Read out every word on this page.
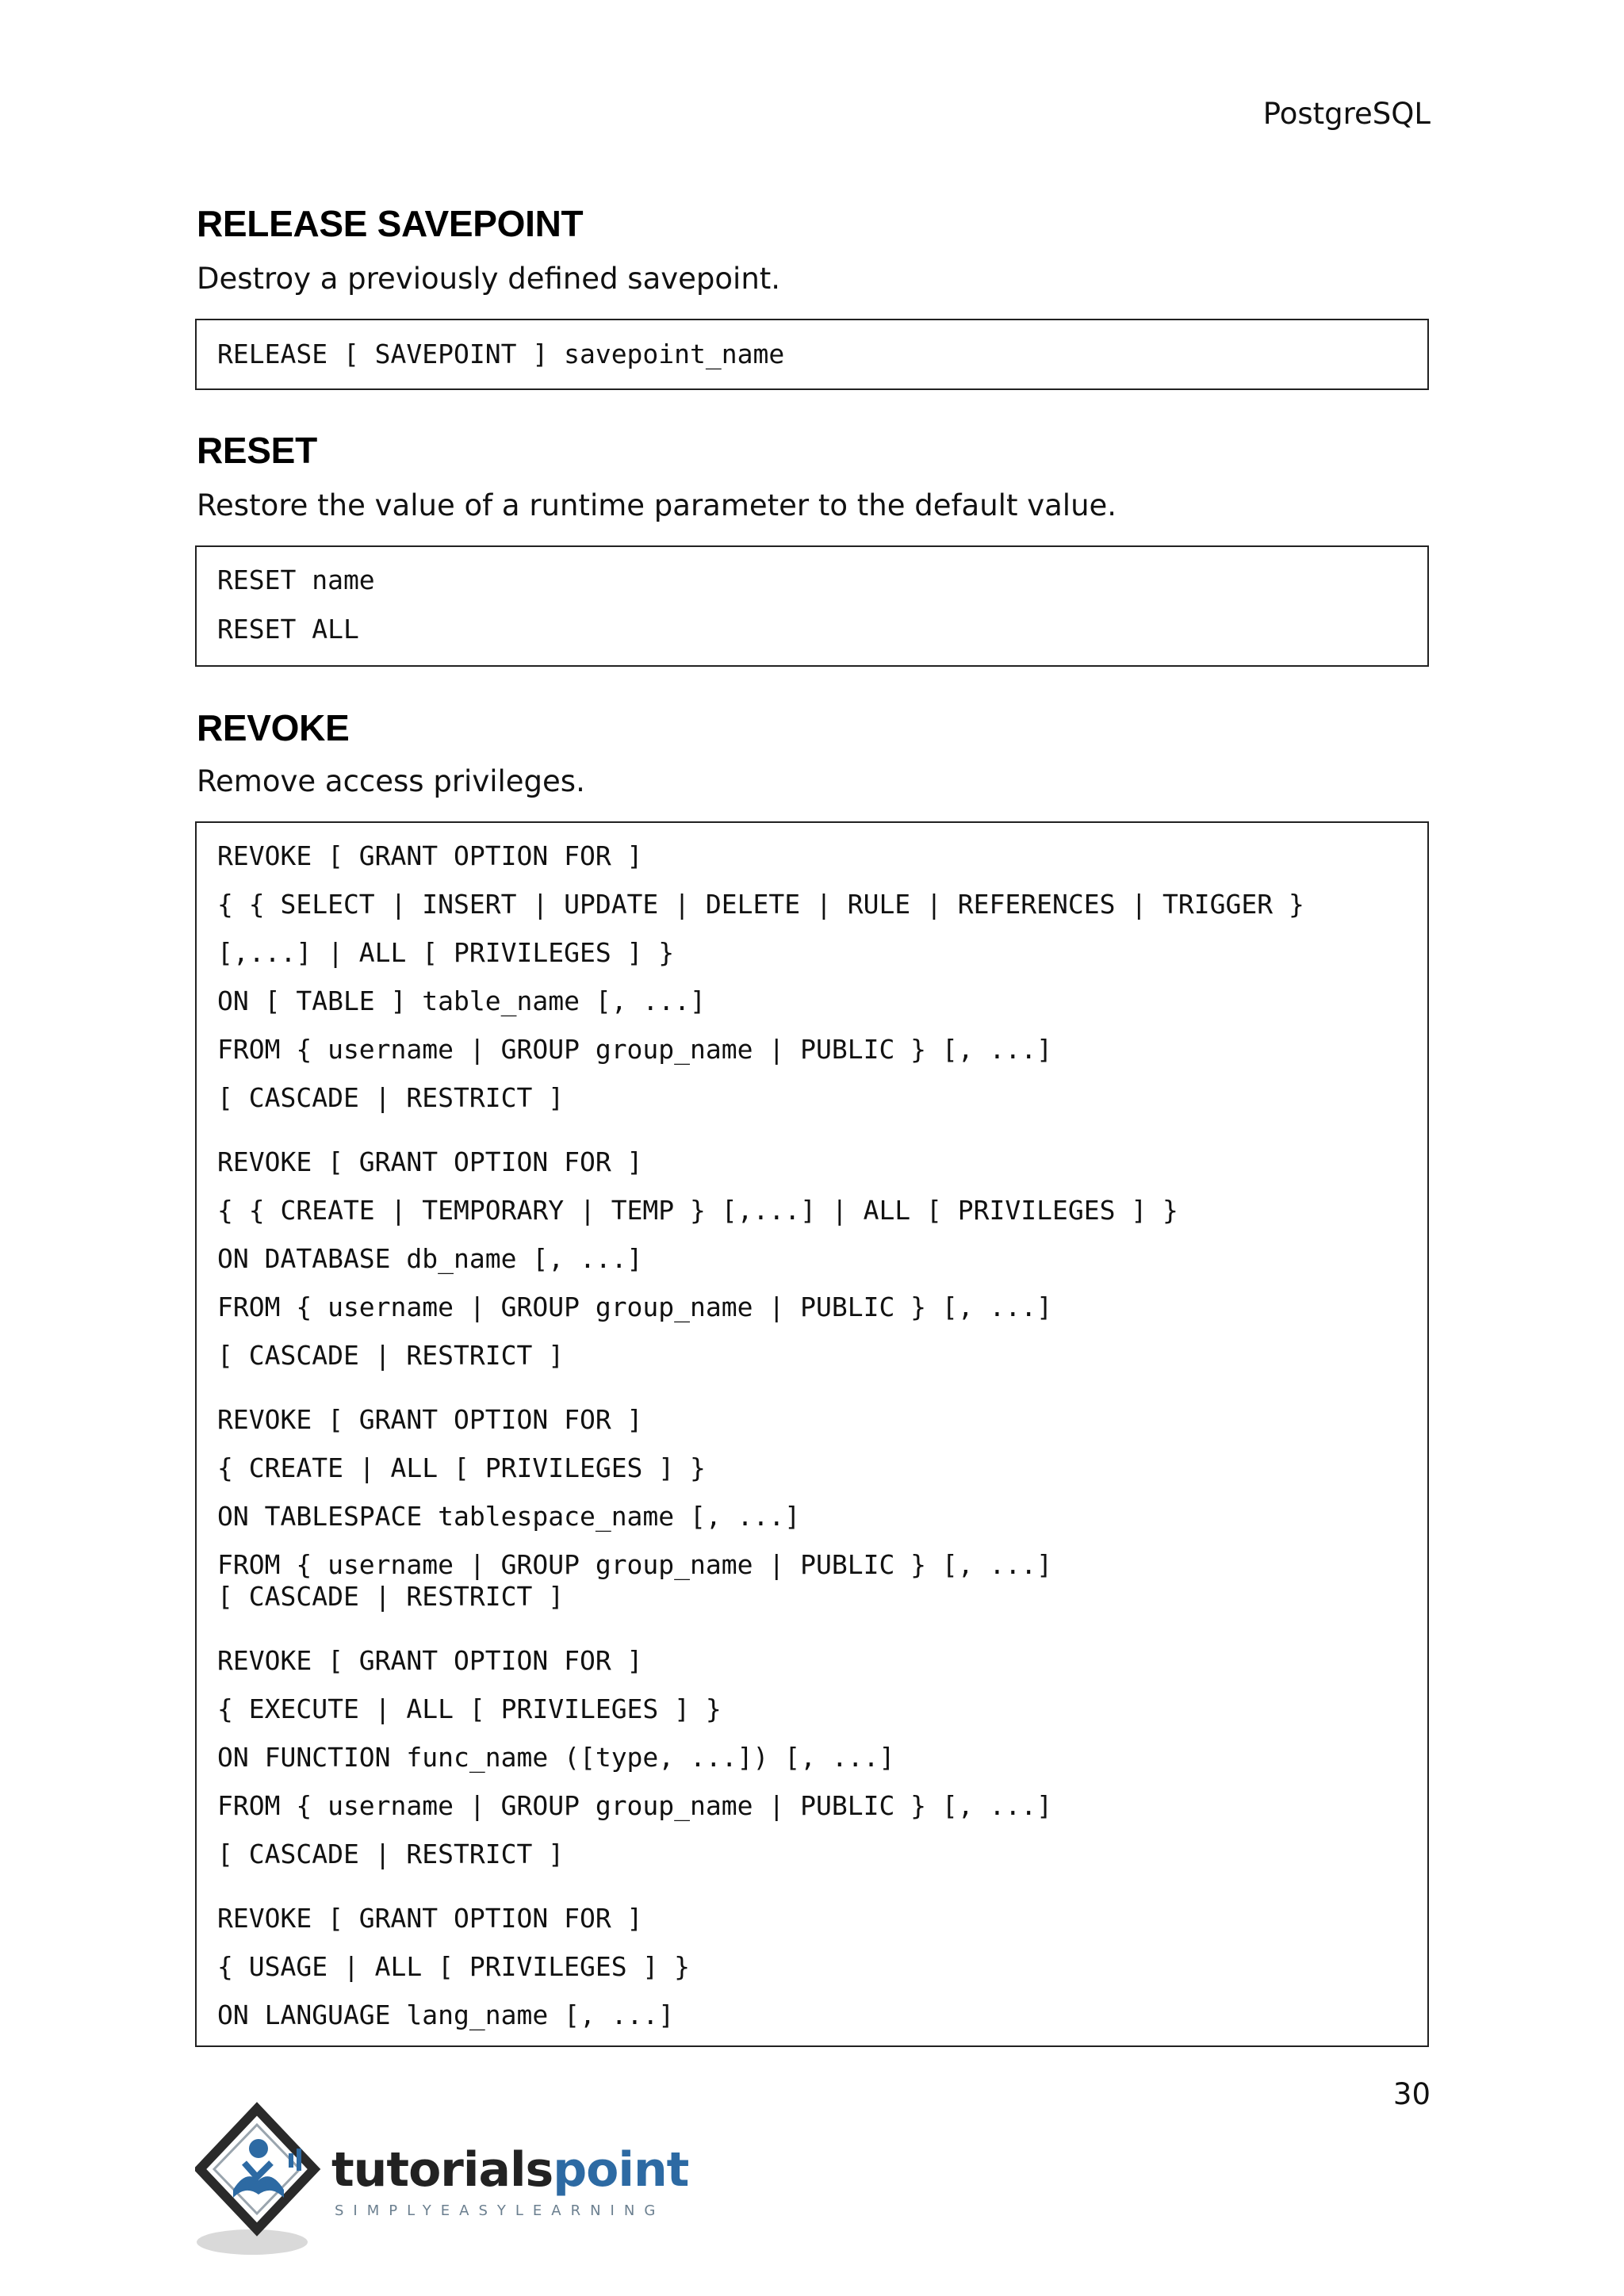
PostgreSQL
RELEASE SAVEPOINT

Destroy a previously defined savepoint.

RELEASE [ SAVEPOINT ] savepoint_name
RESET

Restore the value of a runtime parameter to the default value.

RESET name
RESET ALL
REVOKE

Remove access privileges.

REVOKE [ GRANT OPTION FOR ]
{ { SELECT | INSERT | UPDATE | DELETE | RULE | REFERENCES | TRIGGER }
[,...] | ALL [ PRIVILEGES ] }
ON [ TABLE ] table_name [, ...]
FROM { username | GROUP group_name | PUBLIC } [, ...]
[ CASCADE | RESTRICT ]
REVOKE [ GRANT OPTION FOR ]
{ { CREATE | TEMPORARY | TEMP } [,...] | ALL [ PRIVILEGES ] }
ON DATABASE db_name [, ...]
FROM { username | GROUP group_name | PUBLIC } [, ...]
[ CASCADE | RESTRICT ]
REVOKE [ GRANT OPTION FOR ]
{ CREATE | ALL [ PRIVILEGES ] }
ON TABLESPACE tablespace_name [, ...]
FROM { username | GROUP group_name | PUBLIC } [, ...]
[ CASCADE | RESTRICT ]
REVOKE [ GRANT OPTION FOR ]
{ EXECUTE | ALL [ PRIVILEGES ] }
ON FUNCTION func_name ([type, ...]) [, ...]
FROM { username | GROUP group_name | PUBLIC } [, ...]
[ CASCADE | RESTRICT ]
REVOKE [ GRANT OPTION FOR ]
{ USAGE | ALL [ PRIVILEGES ] }
ON LANGUAGE lang_name [, ...]
30
tutorialspoint
SIMPLYEASYLEARNING
